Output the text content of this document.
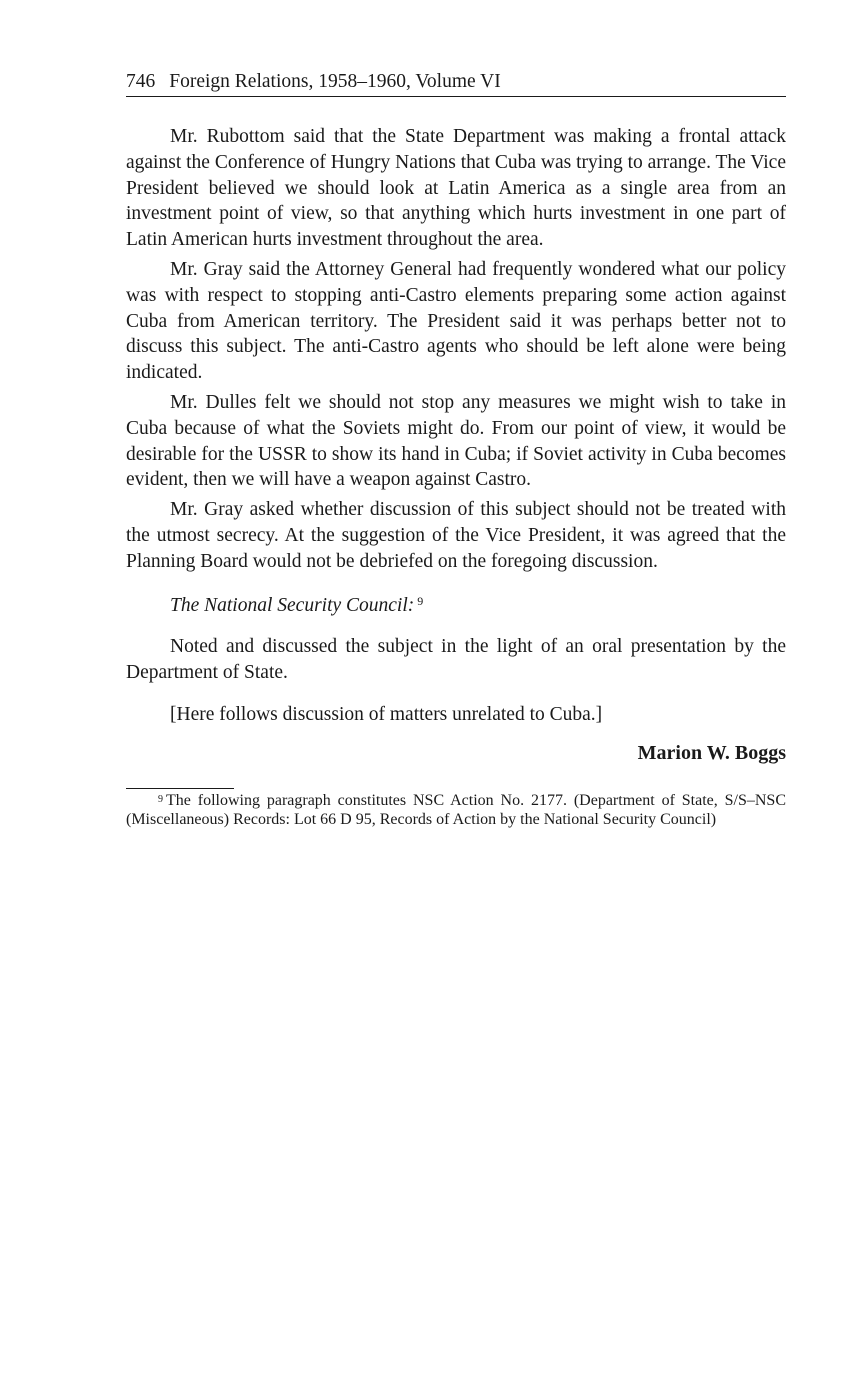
746 Foreign Relations, 1958–1960, Volume VI

Mr. Rubottom said that the State Department was making a frontal attack against the Conference of Hungry Nations that Cuba was trying to arrange. The Vice President believed we should look at Latin America as a single area from an investment point of view, so that anything which hurts investment in one part of Latin American hurts investment throughout the area.

Mr. Gray said the Attorney General had frequently wondered what our policy was with respect to stopping anti-Castro elements preparing some action against Cuba from American territory. The President said it was perhaps better not to discuss this subject. The anti-Castro agents who should be left alone were being indicated.

Mr. Dulles felt we should not stop any measures we might wish to take in Cuba because of what the Soviets might do. From our point of view, it would be desirable for the USSR to show its hand in Cuba; if Soviet activity in Cuba becomes evident, then we will have a weapon against Castro.

Mr. Gray asked whether discussion of this subject should not be treated with the utmost secrecy. At the suggestion of the Vice President, it was agreed that the Planning Board would not be debriefed on the foregoing discussion.

The National Security Council: $^9$

Noted and discussed the subject in the light of an oral presentation by the Department of State.

[Here follows discussion of matters unrelated to Cuba.]

Marion W. Boggs
$^9$ The following paragraph constitutes NSC Action No. 2177. (Department of State, S/S–NSC (Miscellaneous) Records: Lot 66 D 95, Records of Action by the National Security Council)
